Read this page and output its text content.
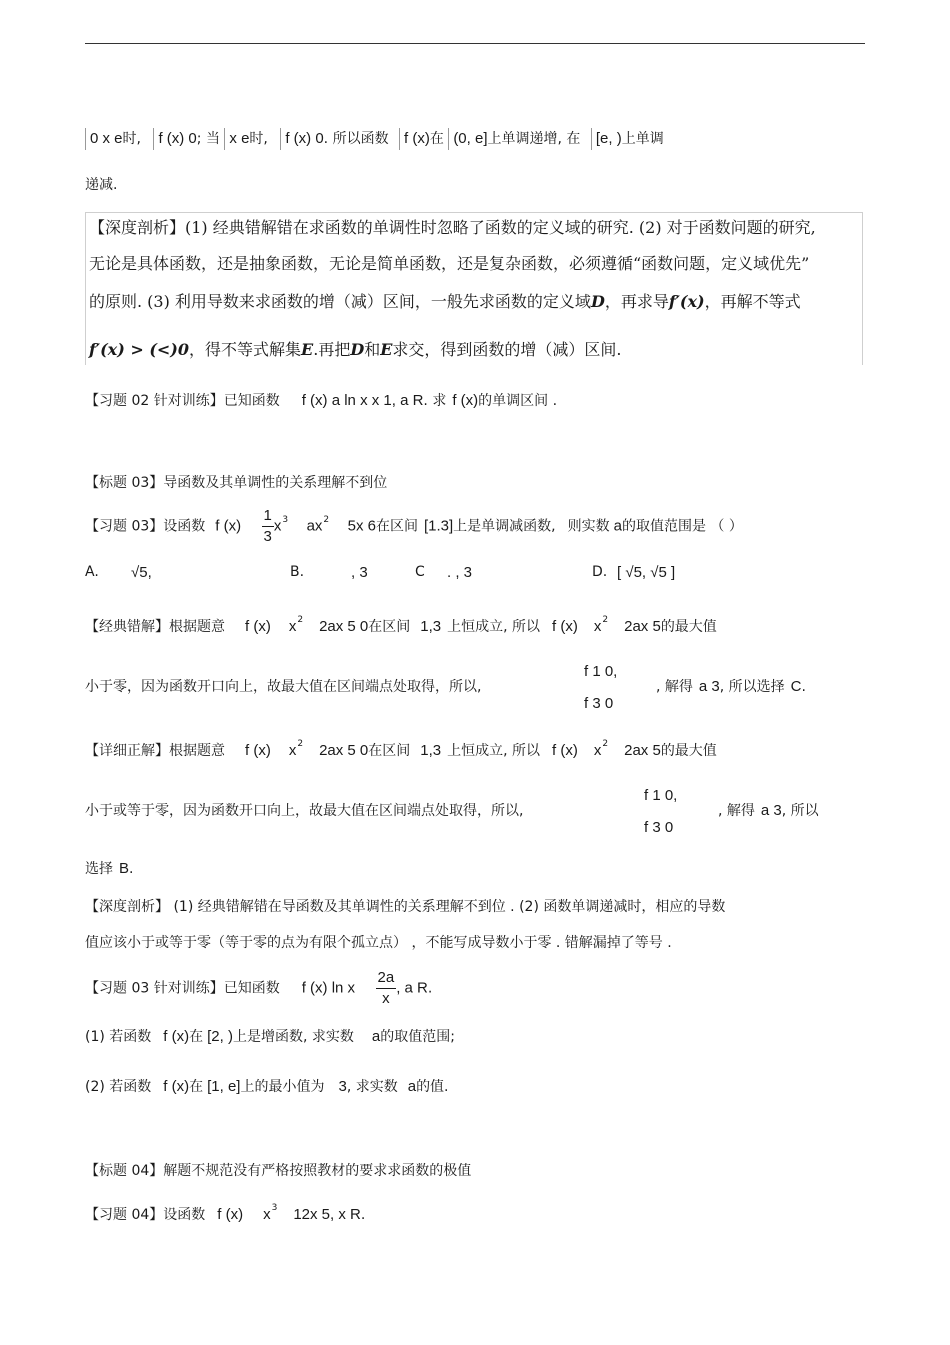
0 x e时, f (x) 0; 当 x e时, f (x) 0. 所以函数 f (x)在 (0, e]上单调递增, 在 [e, )上单调
递减.
【深度剖析】(1) 经典错解错在求函数的单调性时忽略了函数的定义域的研究. (2) 对于函数问题的研究,
无论是具体函数，还是抽象函数，无论是简单函数，还是复杂函数，必须遵循“函数问题，定义域优先”
的原则. (3) 利用导数来求函数的增（减）区间，一般先求函数的定义域D，再求导f′(x)，再解不等式
f′(x) > (<)0，得不等式解集E.再把D和E求交，得到函数的增（减）区间.
【习题 02 针对训练】已知函数 f (x) a ln x x 1, a R. 求 f (x)的单调区间 .
【标题 03】导函数及其单调性的关系理解不到位
【习题 03】设函数 f $(x) \frac{1}{3} x^3$ $ax^2$ 5x 6在区间 [1.3]上是单调减函数, 则实数 a的取值范围是 （ ）
A. √5,	B.	, 3	C . , 3	D. [ √5, √5 ]
【经典错解】根据题意 f (x) $x^2$ 2ax 5 0在区间 1,3 上恒成立, 所以 f (x) $x^2$ 2ax 5的最大值
小于零，因为函数开口向上，故最大值在区间端点处取得，所以,
f 1 0,
f 3 0
, 解得 a 3, 所以选择 C.
【详细正解】根据题意 f (x) $x^2$ 2ax 5 0在区间 1,3 上恒成立, 所以 f (x) $x^2$ 2ax 5的最大值
小于或等于零，因为函数开口向上，故最大值在区间端点处取得，所以,
f 1 0,
f 3 0
, 解得 a 3, 所以
选择 B.
【深度剖析】 (1) 经典错解错在导函数及其单调性的关系理解不到位 . (2) 函数单调递减时，相应的导数
值应该小于或等于零（等于零的点为有限个孤立点） ，不能写成导数小于零 . 错解漏掉了等号 .
【习题 03 针对训练】已知函数 f (x) ln x $\frac{2a}{x}$ , a R.
(1) 若函数 f (x)在 [2, )上是增函数, 求实数 a的取值范围;
(2) 若函数 f (x)在 [1, e]上的最小值为 3, 求实数 a的值.
【标题 04】解题不规范没有严格按照教材的要求求函数的极值
【习题 04】设函数 f (x) $x^3$ 12x 5, x R.
